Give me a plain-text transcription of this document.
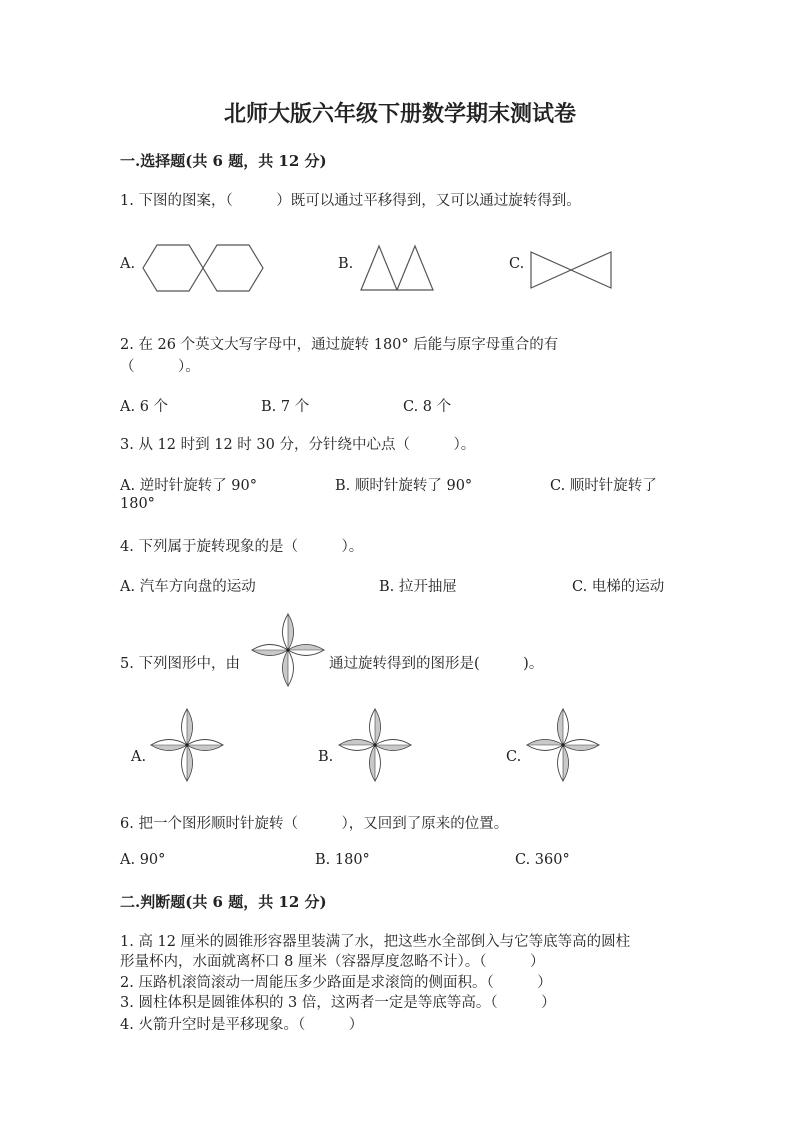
北师大版六年级下册数学期末测试卷
一.选择题(共 6 题，共 12 分)
1. 下图的图案，（　　　）既可以通过平移得到，又可以通过旋转得到。
A.	B.	C.
2. 在 26 个英文大写字母中，通过旋转 180° 后能与原字母重合的有
（　　　）。
A. 6 个	B. 7 个	C. 8 个
3. 从 12 时到 12 时 30 分，分针绕中心点（　　　）。
A. 逆时针旋转了 90°	B. 顺时针旋转了 90°	C. 顺时针旋转了
180°
4. 下列属于旋转现象的是（　　　）。
A. 汽车方向盘的运动	B. 拉开抽屉	C. 电梯的运动
5. 下列图形中，由	通过旋转得到的图形是(　　　)。
A.	B.	C.
6. 把一个图形顺时针旋转（　　　），又回到了原来的位置。
A. 90°	B. 180°	C. 360°
二.判断题(共 6 题，共 12 分)
1. 高 12 厘米的圆锥形容器里装满了水，把这些水全部倒入与它等底等高的圆柱
形量杯内，水面就离杯口 8 厘米（容器厚度忽略不计）。（　　　）
2. 压路机滚筒滚动一周能压多少路面是求滚筒的侧面积。（　　　）
3. 圆柱体积是圆锥体积的 3 倍，这两者一定是等底等高。（　　　）
4. 火箭升空时是平移现象。（　　　）
